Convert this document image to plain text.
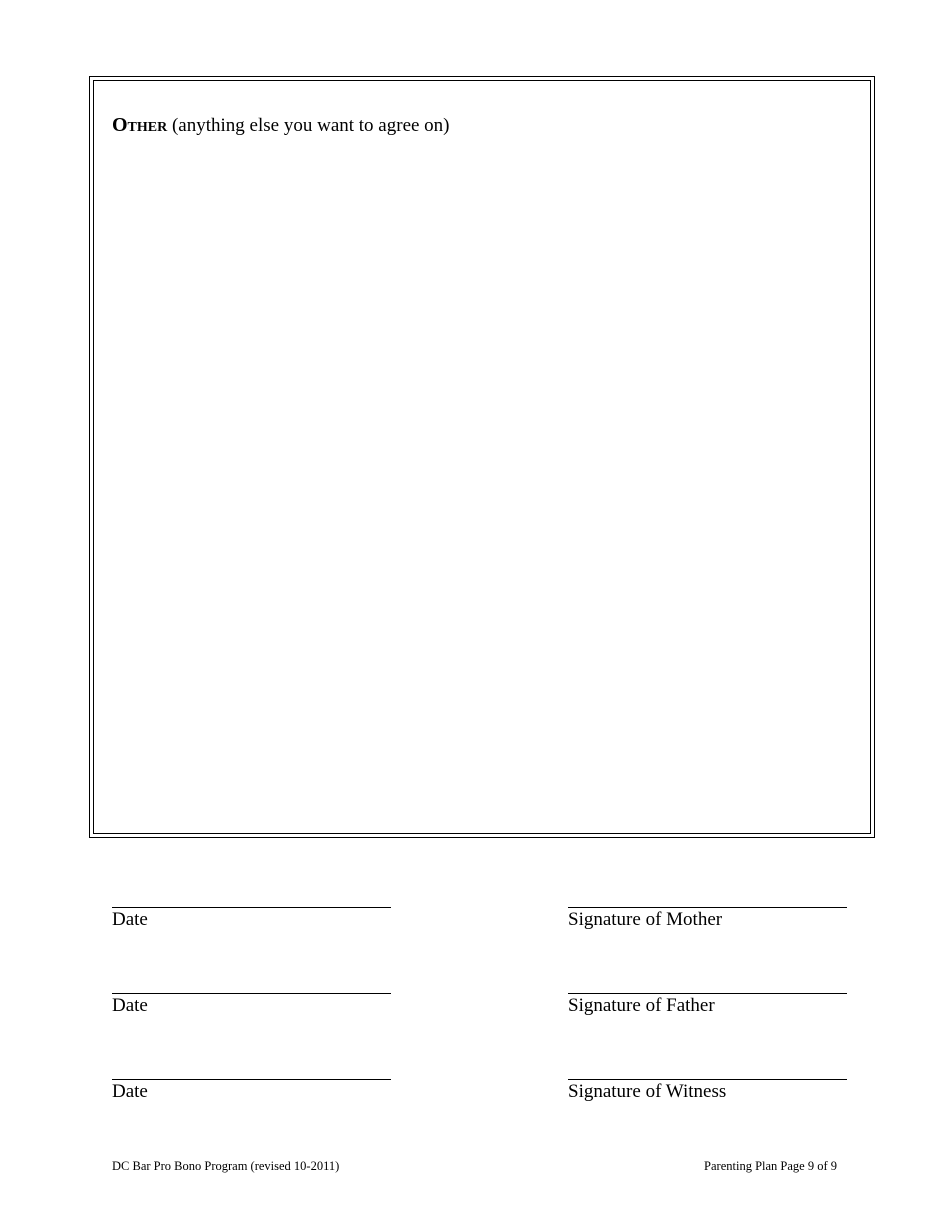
Other (anything else you want to agree on)
Date	Signature of Mother
Date	Signature of Father
Date	Signature of Witness
DC Bar Pro Bono Program (revised 10-2011)	Parenting Plan Page 9 of 9
